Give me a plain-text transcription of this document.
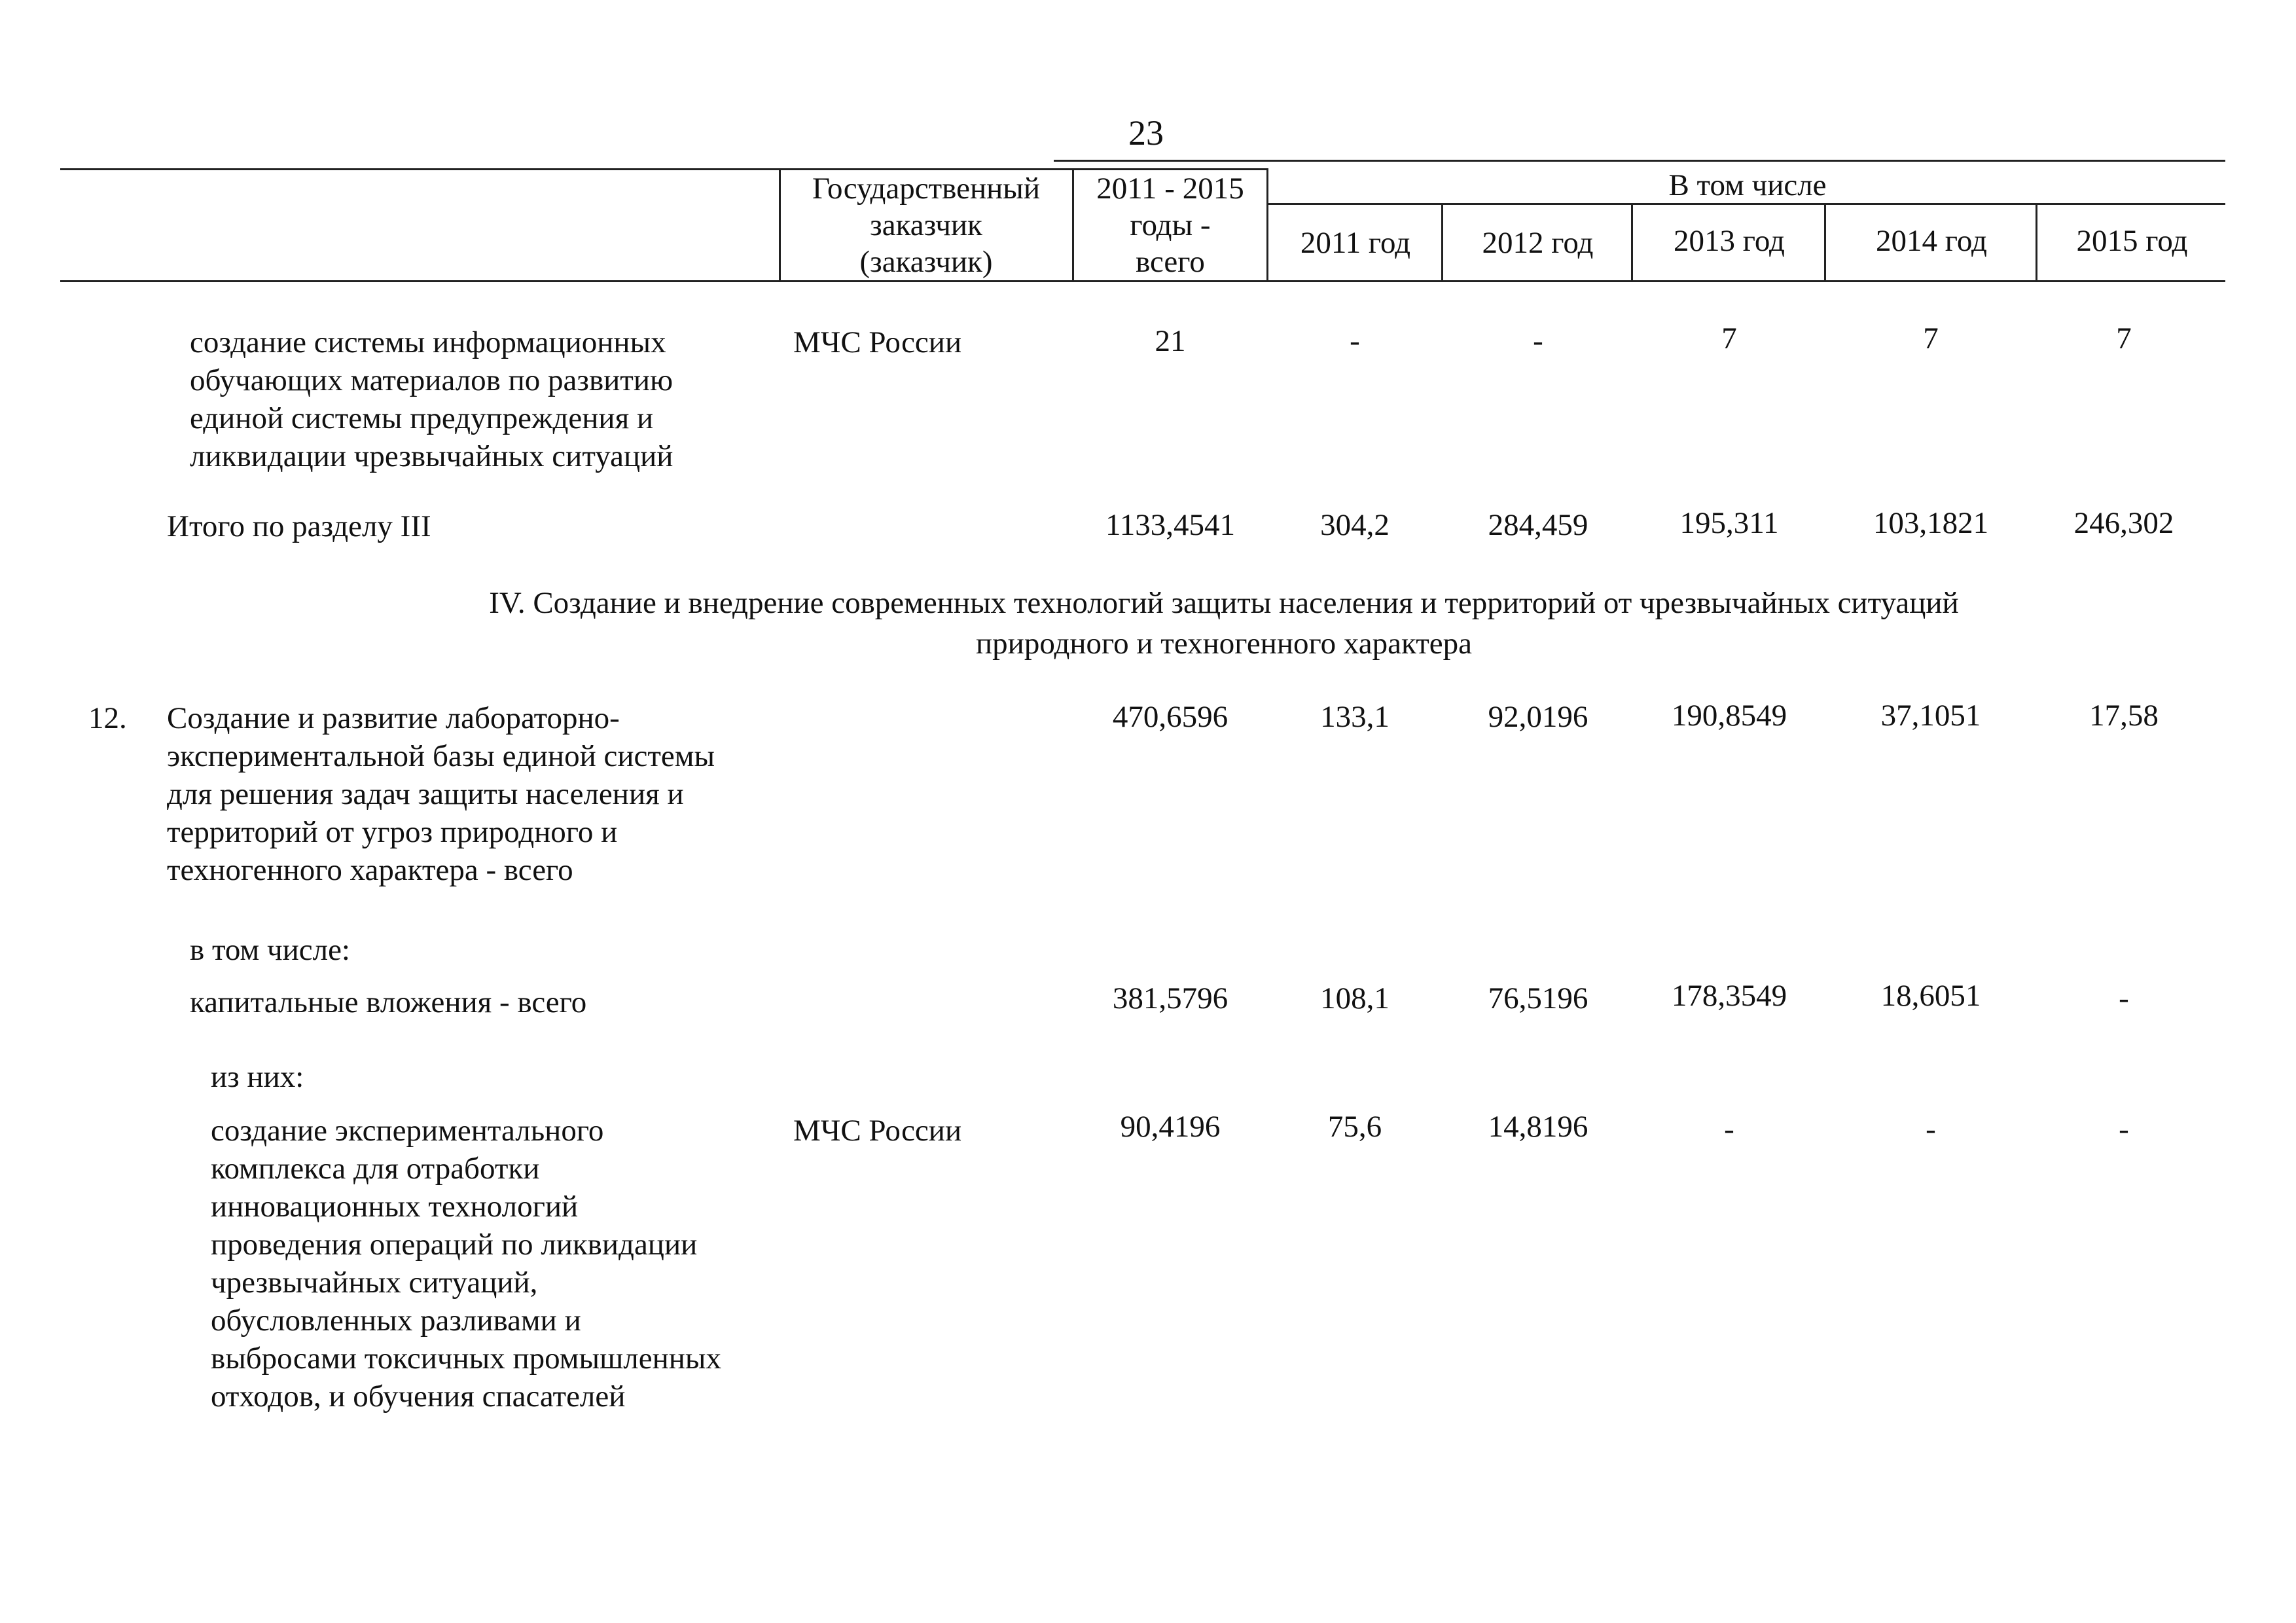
23
Государственный
заказчик
(заказчик)
2011 - 2015
годы -
всего
В том числе
2011 год	2012 год	2013 год	2014 год	2015 год
создание системы информационных
обучающих материалов по развитию
единой системы предупреждения и
ликвидации чрезвычайных ситуаций
МЧС России	21	-	-	7	7	7
Итого по разделу III	1133,4541	304,2	284,459	195,311	103,1821	246,302
IV. Создание и внедрение современных технологий защиты населения и территорий от чрезвычайных ситуаций
природного и техногенного характера
12. Создание и развитие лабораторно-
экспериментальной базы единой системы
для решения задач защиты населения и
территорий от угроз природного и
техногенного характера - всего
470,6596	133,1	92,0196	190,8549	37,1051	17,58
в том числе:
капитальные вложения - всего	381,5796	108,1	76,5196	178,3549	18,6051	-
из них:
создание экспериментального
комплекса для отработки
инновационных технологий
проведения операций по ликвидации
чрезвычайных ситуаций,
обусловленных разливами и
выбросами токсичных промышленных
отходов, и обучения спасателей
МЧС России	90,4196	75,6	14,8196	-	-	-
